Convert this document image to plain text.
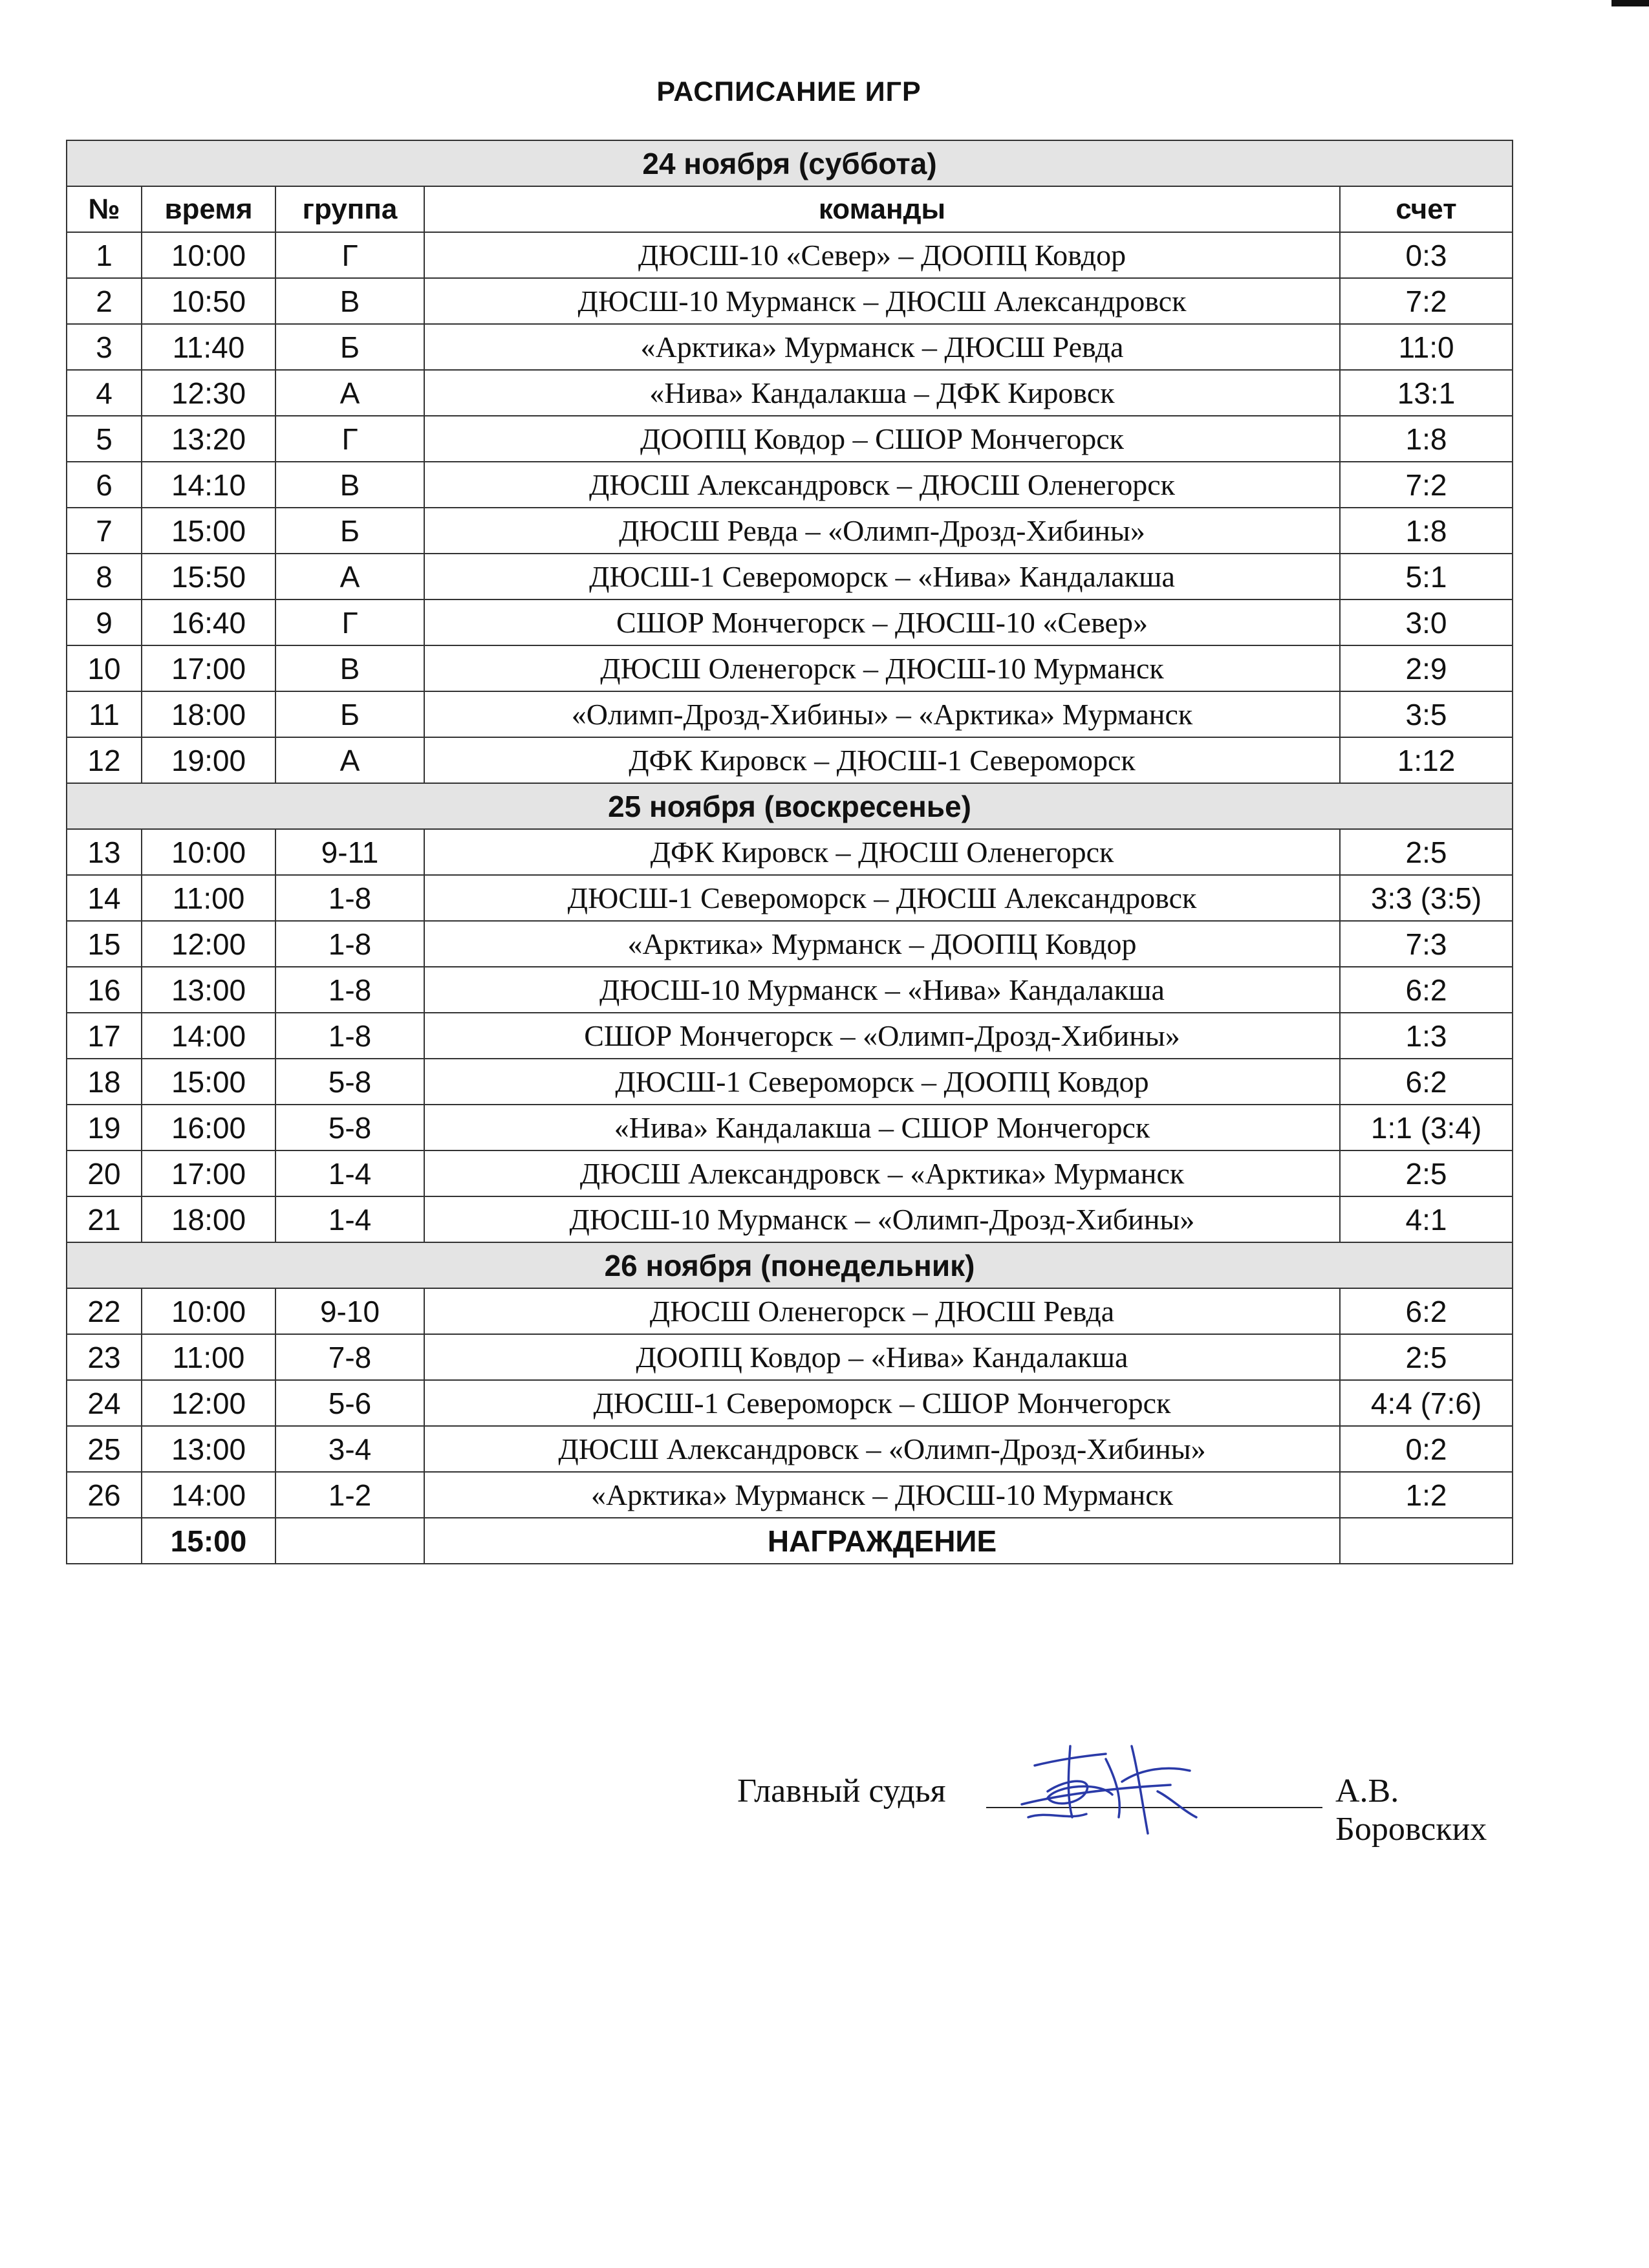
РАСПИСАНИЕ ИГР
24 ноября (суббота)				
№	время	группа	команды	счет
1	10:00	Г	ДЮСШ-10 «Север» – ДООПЦ Ковдор	0:3
2	10:50	В	ДЮСШ-10 Мурманск – ДЮСШ Александровск	7:2
3	11:40	Б	«Арктика» Мурманск – ДЮСШ Ревда	11:0
4	12:30	А	«Нива» Кандалакша – ДФК Кировск	13:1
5	13:20	Г	ДООПЦ Ковдор – СШОР Мончегорск	1:8
6	14:10	В	ДЮСШ Александровск – ДЮСШ Оленегорск	7:2
7	15:00	Б	ДЮСШ Ревда – «Олимп-Дрозд-Хибины»	1:8
8	15:50	А	ДЮСШ-1 Североморск – «Нива» Кандалакша	5:1
9	16:40	Г	СШОР Мончегорск – ДЮСШ-10 «Север»	3:0
10	17:00	В	ДЮСШ Оленегорск – ДЮСШ-10 Мурманск	2:9
11	18:00	Б	«Олимп-Дрозд-Хибины» – «Арктика» Мурманск	3:5
12	19:00	А	ДФК Кировск – ДЮСШ-1 Североморск	1:12
25 ноября (воскресенье)				
13	10:00	9-11	ДФК Кировск – ДЮСШ Оленегорск	2:5
14	11:00	1-8	ДЮСШ-1 Североморск – ДЮСШ Александровск	3:3 (3:5)
15	12:00	1-8	«Арктика» Мурманск – ДООПЦ Ковдор	7:3
16	13:00	1-8	ДЮСШ-10 Мурманск – «Нива» Кандалакша	6:2
17	14:00	1-8	СШОР Мончегорск – «Олимп-Дрозд-Хибины»	1:3
18	15:00	5-8	ДЮСШ-1 Североморск – ДООПЦ Ковдор	6:2
19	16:00	5-8	«Нива» Кандалакша – СШОР Мончегорск	1:1 (3:4)
20	17:00	1-4	ДЮСШ Александровск – «Арктика» Мурманск	2:5
21	18:00	1-4	ДЮСШ-10 Мурманск – «Олимп-Дрозд-Хибины»	4:1
26 ноября (понедельник)				
22	10:00	9-10	ДЮСШ Оленегорск – ДЮСШ Ревда	6:2
23	11:00	7-8	ДООПЦ Ковдор – «Нива» Кандалакша	2:5
24	12:00	5-6	ДЮСШ-1 Североморск – СШОР Мончегорск	4:4 (7:6)
25	13:00	3-4	ДЮСШ Александровск – «Олимп-Дрозд-Хибины»	0:2
26	14:00	1-2	«Арктика» Мурманск – ДЮСШ-10 Мурманск	1:2
	15:00		НАГРАЖДЕНИЕ	
Главный судья	А.В. Боровских
